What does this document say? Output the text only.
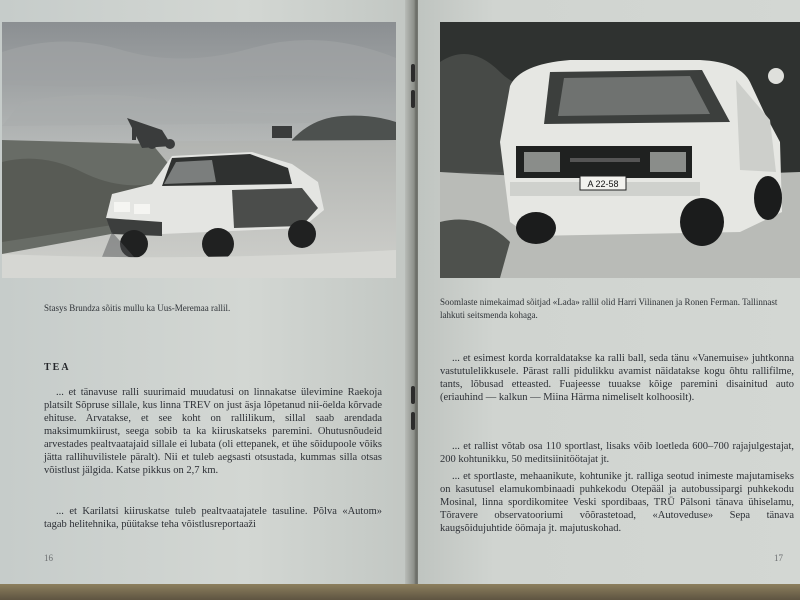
Stasys Brundza sõitis mullu ka Uus-Meremaa rallil.
TEA
... et tänavuse ralli suurimaid muudatusi on linnakatse ülevimine Raekoja platsilt Sõpruse sillale, kus linna TREV on just äsja lõpetanud nii-öelda kõrvade ehituse. Arvatakse, et see koht on rallilikum, sillal saab arendada maksimumkiirust, seega sobib ta ka kiiruskatseks paremini. Ohutusnõudeid arvestades pealtvaatajaid sillale ei lubata (oli ettepanek, et ühe sõidupoole võiks jätta rallihuvilistele päralt). Nii et tuleb aegsasti otsustada, kummas silla otsas võistlust jälgida. Katse pikkus on 2,7 km.
... et Karilatsi kiiruskatse tuleb pealtvaatajatele tasuline. Põlva «Autom» tagab helitehnika, püütakse teha võistlusreportaaži
16
A 22-58
Soomlaste nimekaimad sõitjad «Lada» rallil olid Harri Vilinanen ja Ronen Ferman. Tallinnast lahkuti seitsmenda kohaga.
... et esimest korda korraldatakse ka ralli ball, seda tänu «Vanemuise» juhtkonna vastutulelikkusele. Pärast ralli pidulikku avamist näidatakse kogu õhtu rallifilme, tants, lõbusad etteasted. Fuajeesse tuuakse kõige paremini disainitud auto (eriauhind — kalkun — Miina Härma nimeliselt kolhoosilt).
... et rallist võtab osa 110 sportlast, lisaks võib loetleda 600–700 rajajulgestajat, 200 kohtunikku, 50 meditsiinitöötajat jt.
... et sportlaste, mehaanikute, kohtunike jt. ralliga seotud inimeste majutamiseks on kasutusel elamukombinaadi puhkekodu Otepääl ja autobussipargi puhkekodu Mosinal, linna spordikomitee Veski spordibaas, TRÜ Pälsoni tänava ühiselamu, Tõravere observatooriumi võõrastetoad, «Autoveduse» Sepa tänava kaugsõidujuhtide öömaja jt. majutuskohad.
17
